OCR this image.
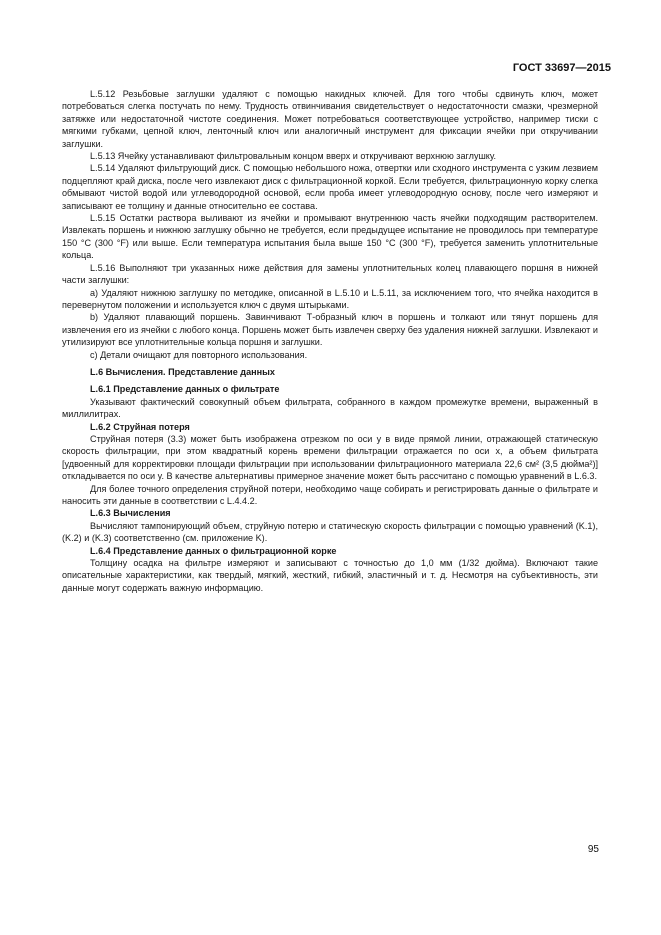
ГОСТ 33697—2015

L.5.12 Резьбовые заглушки удаляют с помощью накидных ключей. Для того чтобы сдвинуть ключ, может потребоваться слегка постучать по нему. Трудность отвинчивания свидетельствует о недостаточности смазки, чрезмерной затяжке или недостаточной чистоте соединения. Может потребоваться соответствующее устройство, например тиски с мягкими губками, цепной ключ, ленточный ключ или аналогичный инструмент для фиксации ячейки при откручивании заглушки.

L.5.13 Ячейку устанавливают фильтровальным концом вверх и откручивают верхнюю заглушку.

L.5.14 Удаляют фильтрующий диск. С помощью небольшого ножа, отвертки или сходного инструмента с узким лезвием подцепляют край диска, после чего извлекают диск с фильтрационной коркой. Если требуется, фильтрационную корку слегка обмывают чистой водой или углеводородной основой, если проба имеет углеводородную основу, после чего измеряют и записывают ее толщину и данные относительно ее состава.

L.5.15 Остатки раствора выливают из ячейки и промывают внутреннюю часть ячейки подходящим растворителем. Извлекать поршень и нижнюю заглушку обычно не требуется, если предыдущее испытание не проводилось при температуре 150 °С (300 °F) или выше. Если температура испытания была выше 150 °С (300 °F), требуется заменить уплотнительные кольца.

L.5.16 Выполняют три указанных ниже действия для замены уплотнительных колец плавающего поршня в нижней части заглушки:

a) Удаляют нижнюю заглушку по методике, описанной в L.5.10 и L.5.11, за исключением того, что ячейка находится в перевернутом положении и используется ключ с двумя штырьками.

b) Удаляют плавающий поршень. Завинчивают Т-образный ключ в поршень и толкают или тянут поршень для извлечения его из ячейки с любого конца. Поршень может быть извлечен сверху без удаления нижней заглушки. Извлекают и утилизируют все уплотнительные кольца поршня и заглушки.

c) Детали очищают для повторного использования.

L.6 Вычисления. Представление данных

L.6.1 Представление данных о фильтрате

Указывают фактический совокупный объем фильтрата, собранного в каждом промежутке времени, выраженный в миллилитрах.

L.6.2 Струйная потеря

Струйная потеря (3.3) может быть изображена отрезком по оси y в виде прямой линии, отражающей статическую скорость фильтрации, при этом квадратный корень времени фильтрации отражается по оси x, а объем фильтрата [удвоенный для корректировки площади фильтрации при использовании фильтрационного материала 22,6 см² (3,5 дюйма²)] откладывается по оси y. В качестве альтернативы примерное значение может быть рассчитано с помощью уравнений в L.6.3.

Для более точного определения струйной потери, необходимо чаще собирать и регистрировать данные о фильтрате и наносить эти данные в соответствии с L.4.4.2.

L.6.3 Вычисления

Вычисляют тампонирующий объем, струйную потерю и статическую скорость фильтрации с помощью уравнений (K.1), (K.2) и (K.3) соответственно (см. приложение K).

L.6.4 Представление данных о фильтрационной корке

Толщину осадка на фильтре измеряют и записывают с точностью до 1,0 мм (1/32 дюйма). Включают такие описательные характеристики, как твердый, мягкий, жесткий, гибкий, эластичный и т. д. Несмотря на субъективность, эти данные могут содержать важную информацию.

95
